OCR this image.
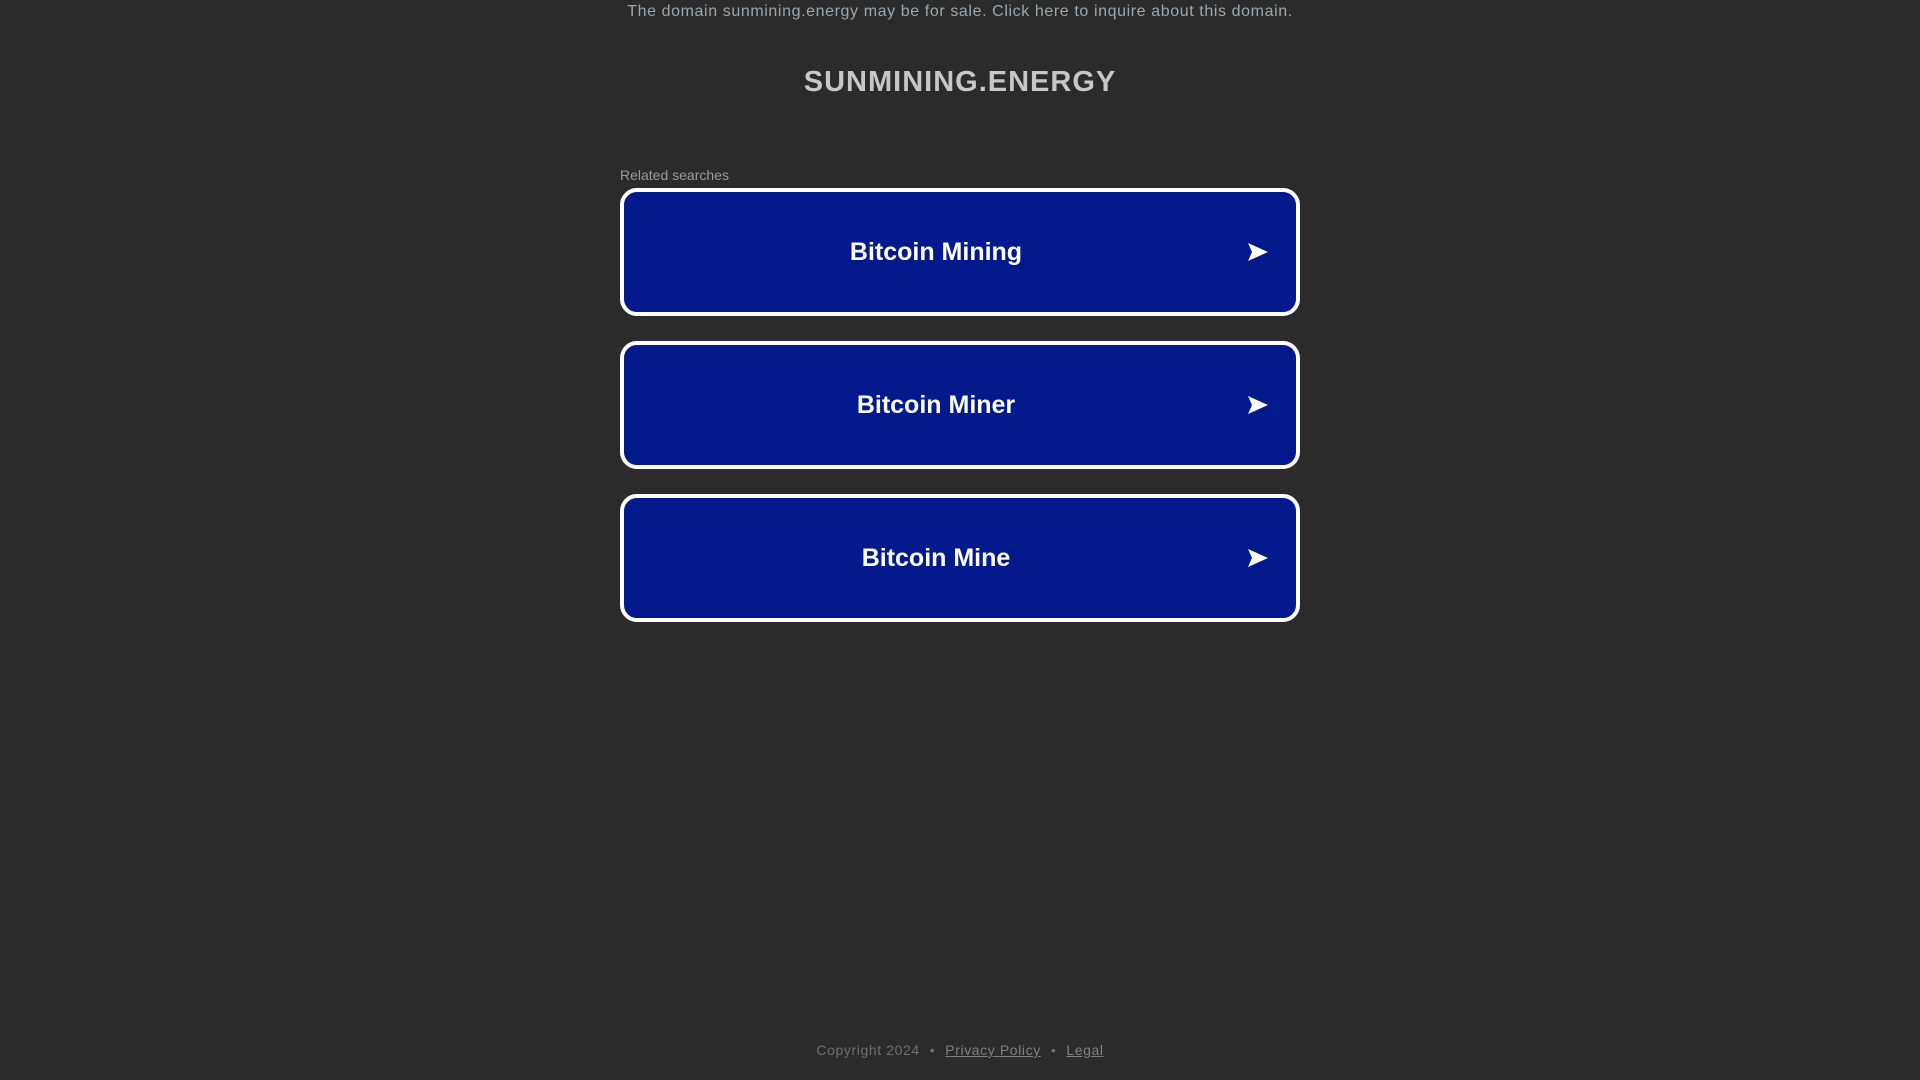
The domain sunmining.energy may be for sale. Click here to inquire about this domain.
SUNMINING.ENERGY
Related searches
Bitcoin Mining
Bitcoin Miner
Bitcoin Mine
Copyright 2024 • Privacy Policy • Legal
